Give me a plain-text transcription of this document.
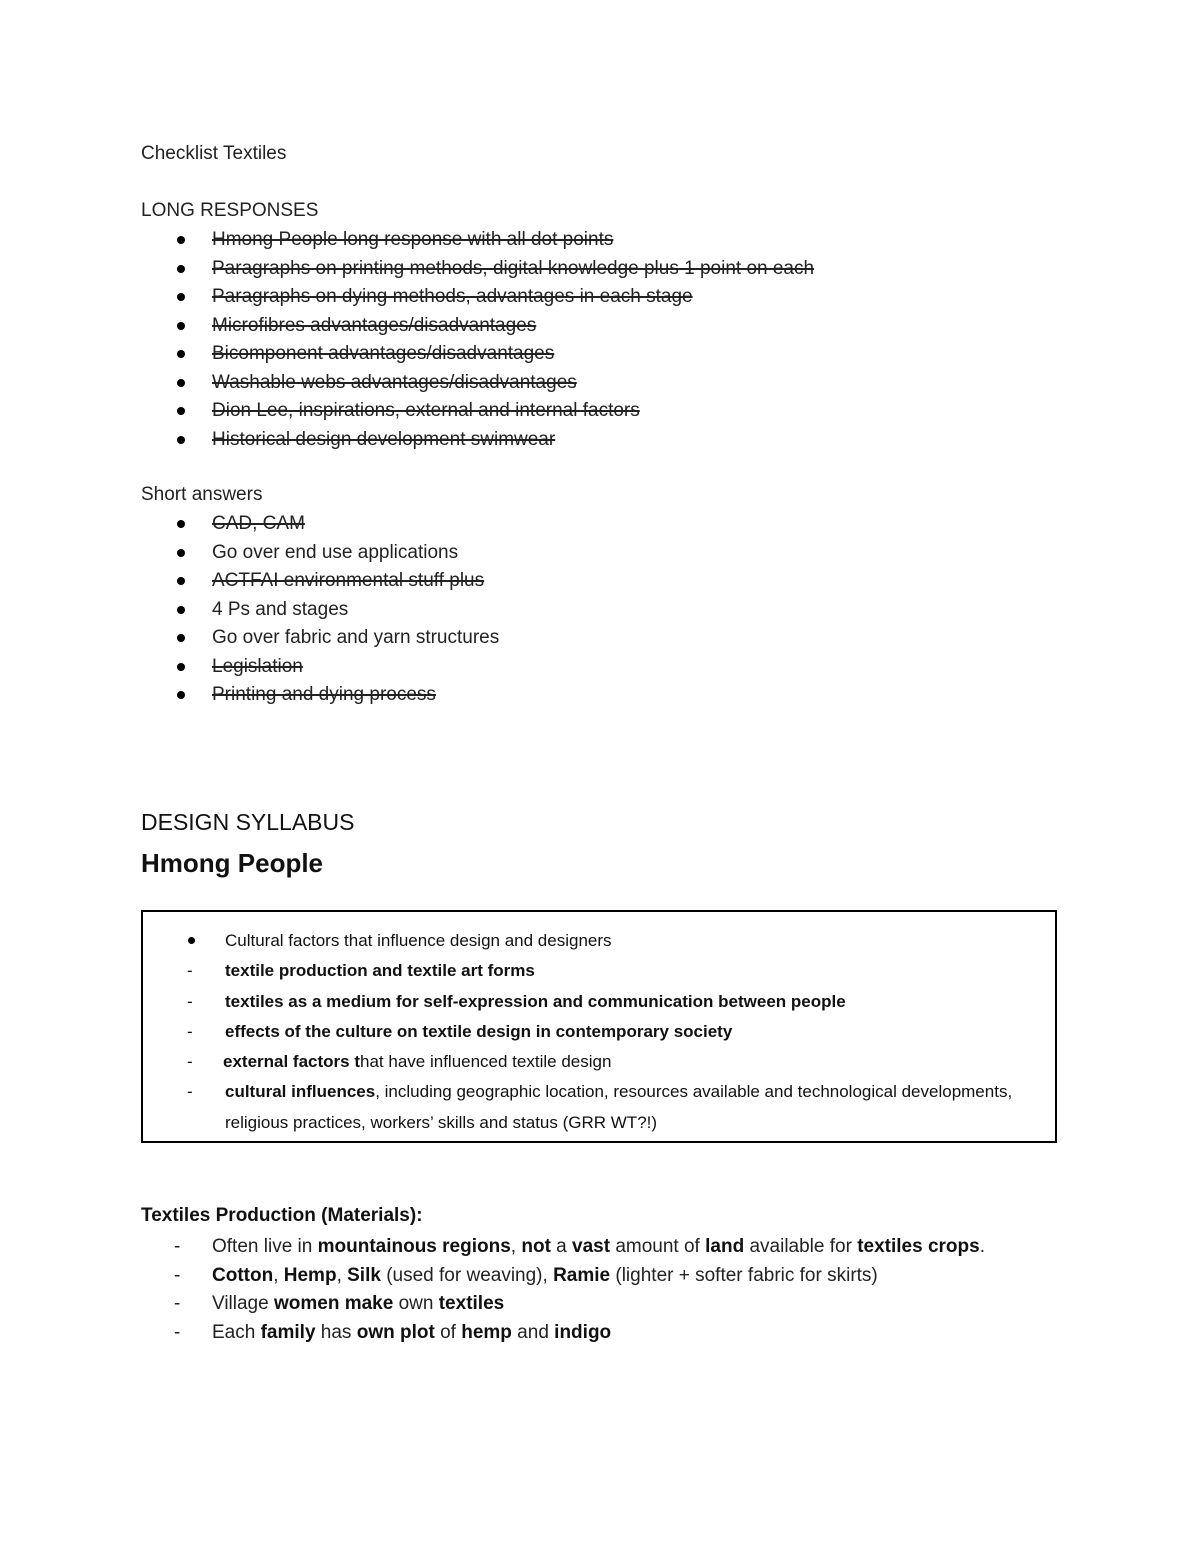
Checklist Textiles
LONG RESPONSES
Hmong People long response with all dot points
Paragraphs on printing methods, digital knowledge plus 1 point on each
Paragraphs on dying methods, advantages in each stage
Microfibres advantages/disadvantages
Bicomponent advantages/disadvantages
Washable webs advantages/disadvantages
Dion Lee, inspirations, external and internal factors
Historical design development swimwear
Short answers
CAD, CAM
Go over end use applications
ACTFAI environmental stuff plus
4 Ps and stages
Go over fabric and yarn structures
Legislation
Printing and dying process
DESIGN SYLLABUS
Hmong People
Cultural factors that influence design and designers
-	textile production and textile art forms
-	textiles as a medium for self-expression and communication between people
-	effects of the culture on textile design in contemporary society
-	external factors that have influenced textile design
-	cultural influences, including geographic location, resources available and technological developments, religious practices, workers’ skills and status (GRR WT?!)
Textiles Production (Materials):
- Often live in mountainous regions, not a vast amount of land available for textiles crops.
- Cotton, Hemp, Silk (used for weaving), Ramie (lighter + softer fabric for skirts)
- Village women make own textiles
- Each family has own plot of hemp and indigo
